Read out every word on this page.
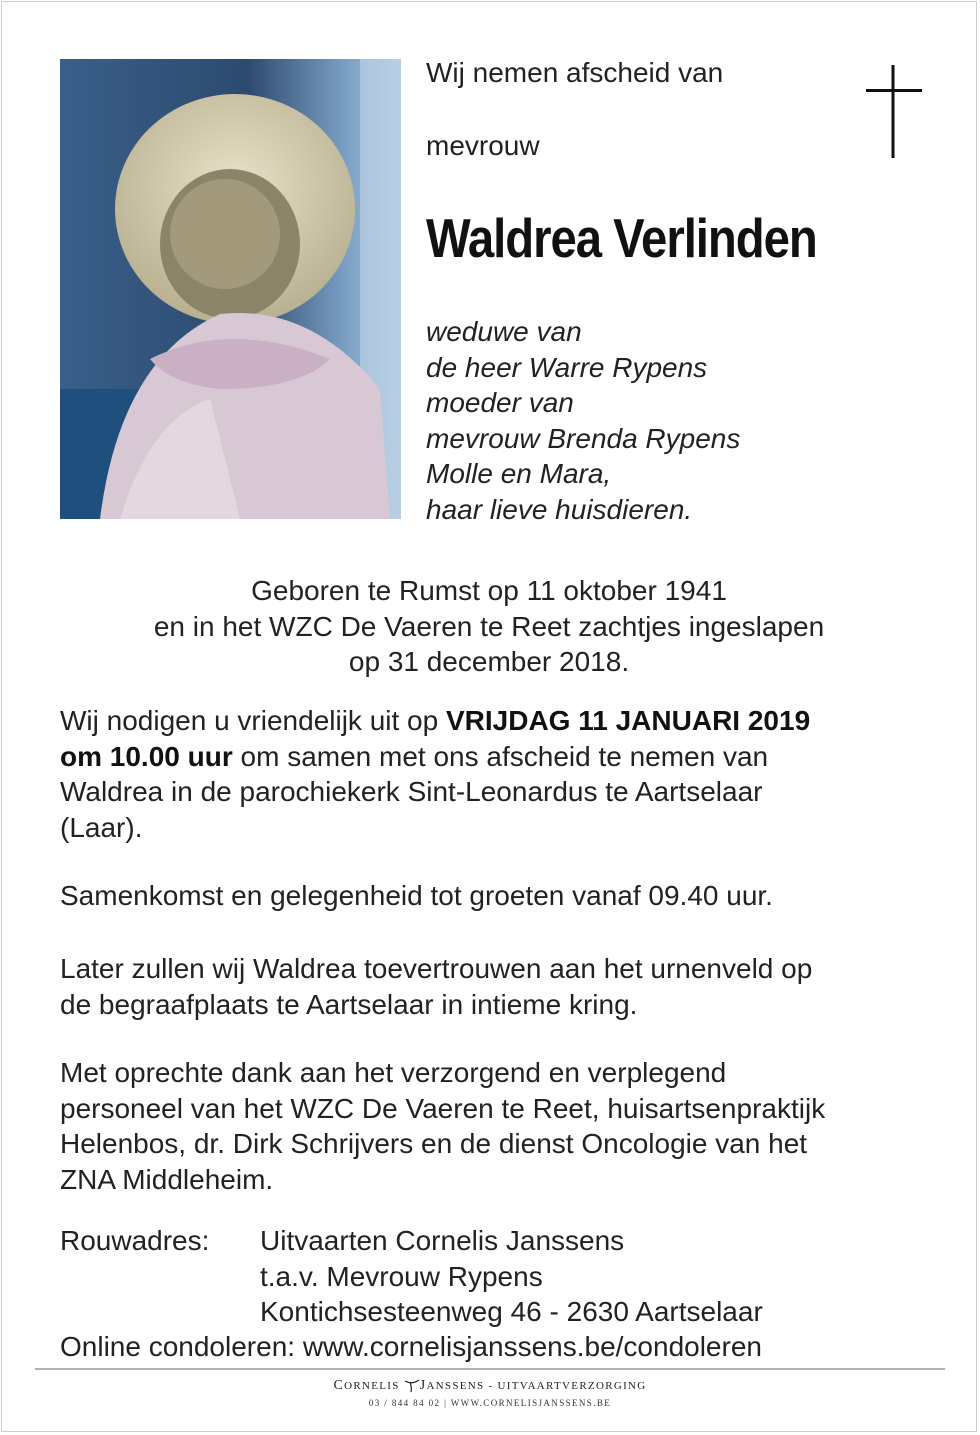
Wij nemen afscheid van
mevrouw
Waldrea Verlinden
weduwe van
de heer Warre Rypens
moeder van
mevrouw Brenda Rypens
Molle en Mara,
haar lieve huisdieren.
Geboren te Rumst op 11 oktober 1941
en in het WZC De Vaeren te Reet zachtjes ingeslapen
op 31 december 2018.
Wij nodigen u vriendelijk uit op VRIJDAG 11 JANUARI 2019
om 10.00 uur om samen met ons afscheid te nemen van
Waldrea in de parochiekerk Sint-Leonardus te Aartselaar
(Laar).
Samenkomst en gelegenheid tot groeten vanaf 09.40 uur.
Later zullen wij Waldrea toevertrouwen aan het urnenveld op
de begraafplaats te Aartselaar in intieme kring.
Met oprechte dank aan het verzorgend en verplegend
personeel van het WZC De Vaeren te Reet, huisartsenpraktijk
Helenbos, dr. Dirk Schrijvers en de dienst Oncologie van het
ZNA Middleheim.
Rouwadres:	Uitvaarten Cornelis Janssens
t.a.v. Mevrouw Rypens
Kontichsesteenweg 46 - 2630 Aartselaar
Online condoleren: www.cornelisjanssens.be/condoleren
CORNELIS JANSSENS - UITVAARTVERZORGING
03 / 844 84 02 | WWW.CORNELISJANSSENS.BE
